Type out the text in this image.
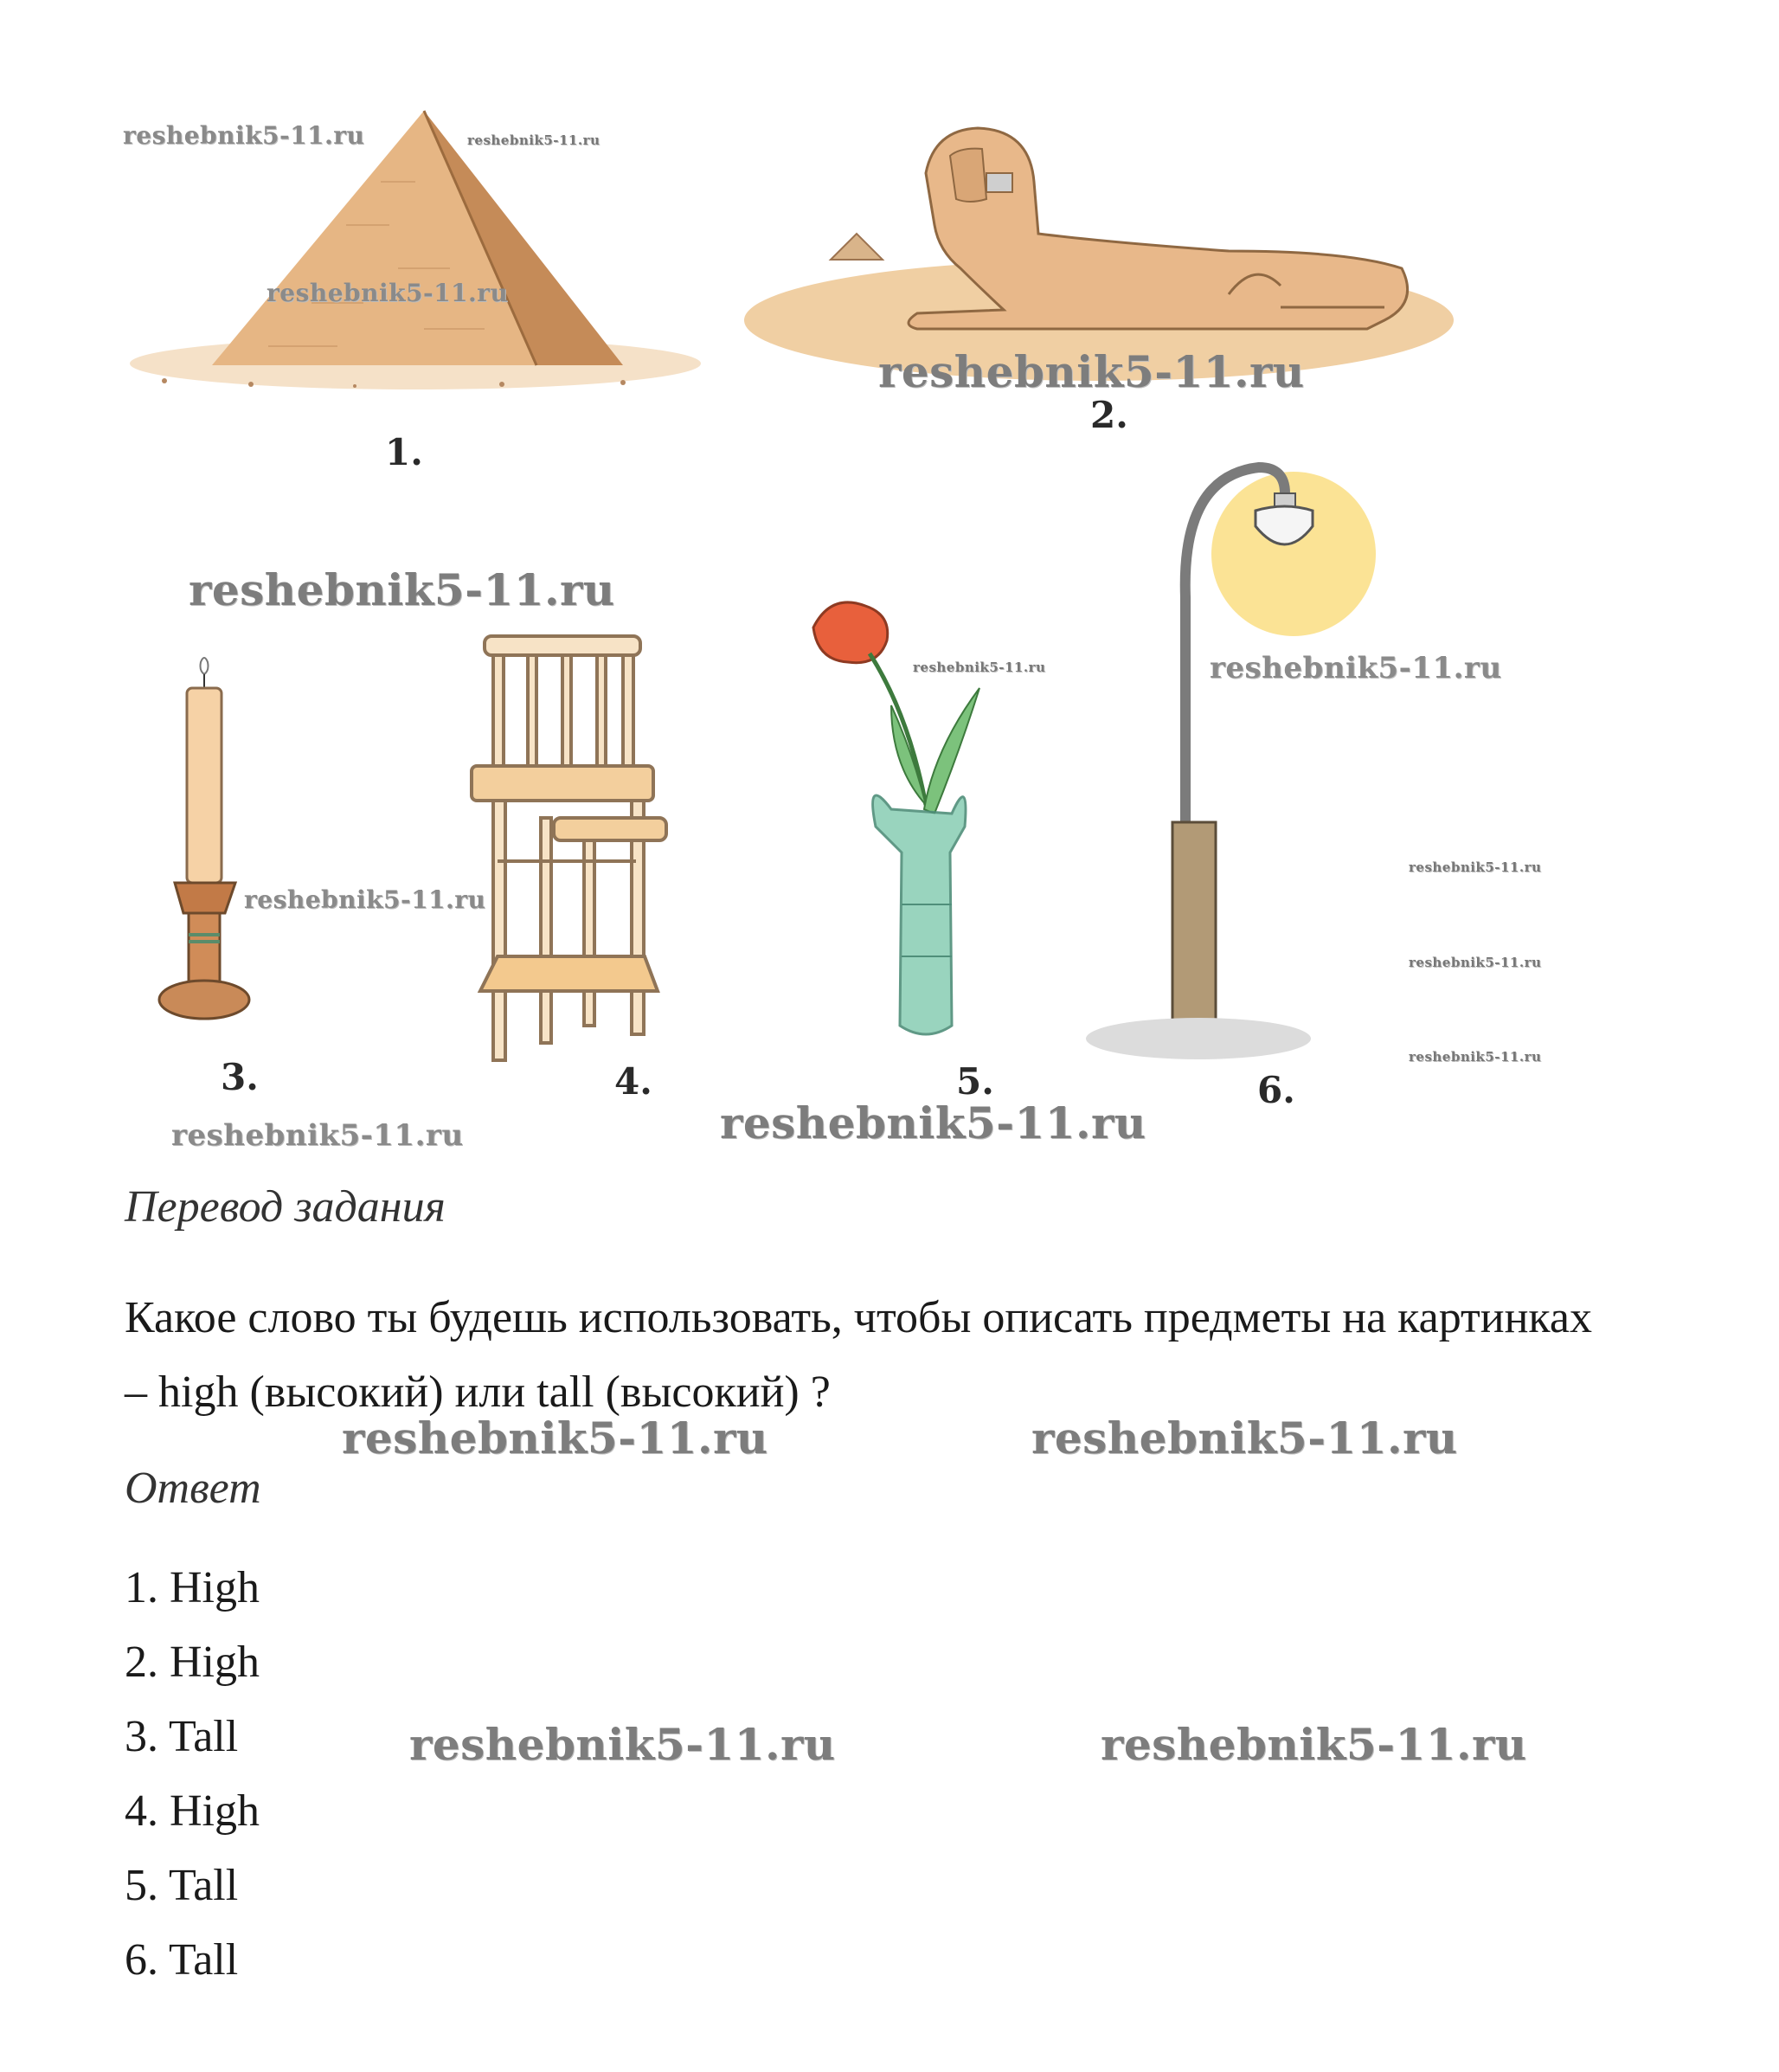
1.
2.
3.	4.	5.	6.
reshebnik5-11.ru	reshebnik5-11.ru
reshebnik5-11.ru
reshebnik5-11.ru
reshebnik5-11.ru
reshebnik5-11.ru	reshebnik5-11.ru
reshebnik5-11.ru
reshebnik5-11.ru
reshebnik5-11.ru
reshebnik5-11.ru
reshebnik5-11.ru	reshebnik5-11.ru
reshebnik5-11.ru	reshebnik5-11.ru
reshebnik5-11.ru	reshebnik5-11.ru
Перевод задания
Какое слово ты будешь использовать, чтобы описать предметы на картинках – high (высокий) или tall (высокий) ?
Ответ
1. High
2. High
3. Tall
4. High
5. Tall
6. Tall
